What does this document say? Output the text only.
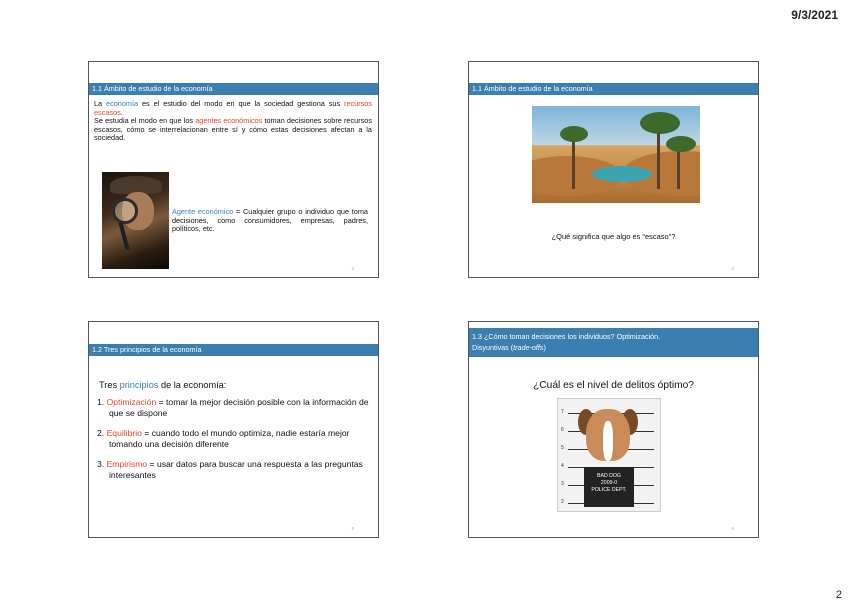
9/3/2021
1.1 Ámbito de estudio de la economía
La economía es el estudio del modo en que la sociedad gestiona sus recursos escasos.
Se estudia el modo en que los agentes económicos toman decisiones sobre recursos escasos, cómo se interrelacionan entre sí y cómo estas decisiones afectan a la sociedad.
Agente económico = Cualquier grupo o individuo que toma decisiones, como consumidores, empresas, padres, políticos, etc.
3
1.1 Ámbito de estudio de la economía
¿Qué significa que algo es “escaso”?
4
1.2 Tres principios de la economía
Tres principios de la economía:
1. Optimización = tomar la mejor decisión posible con la información de que se dispone
2. Equilibrio = cuando todo el mundo optimiza, nadie estaría mejor tomando una decisión diferente
3. Empirismo = usar datos para buscar una respuesta a las preguntas interesantes
5
1.3 ¿Cómo toman decisiones los individuos? Optimización.
Disyuntivas (trade-offs)
¿Cuál es el nivel de delitos óptimo?
7
6
5
4
3
2
BAD DOG
2009-0
POLICE DEPT.
6
2
